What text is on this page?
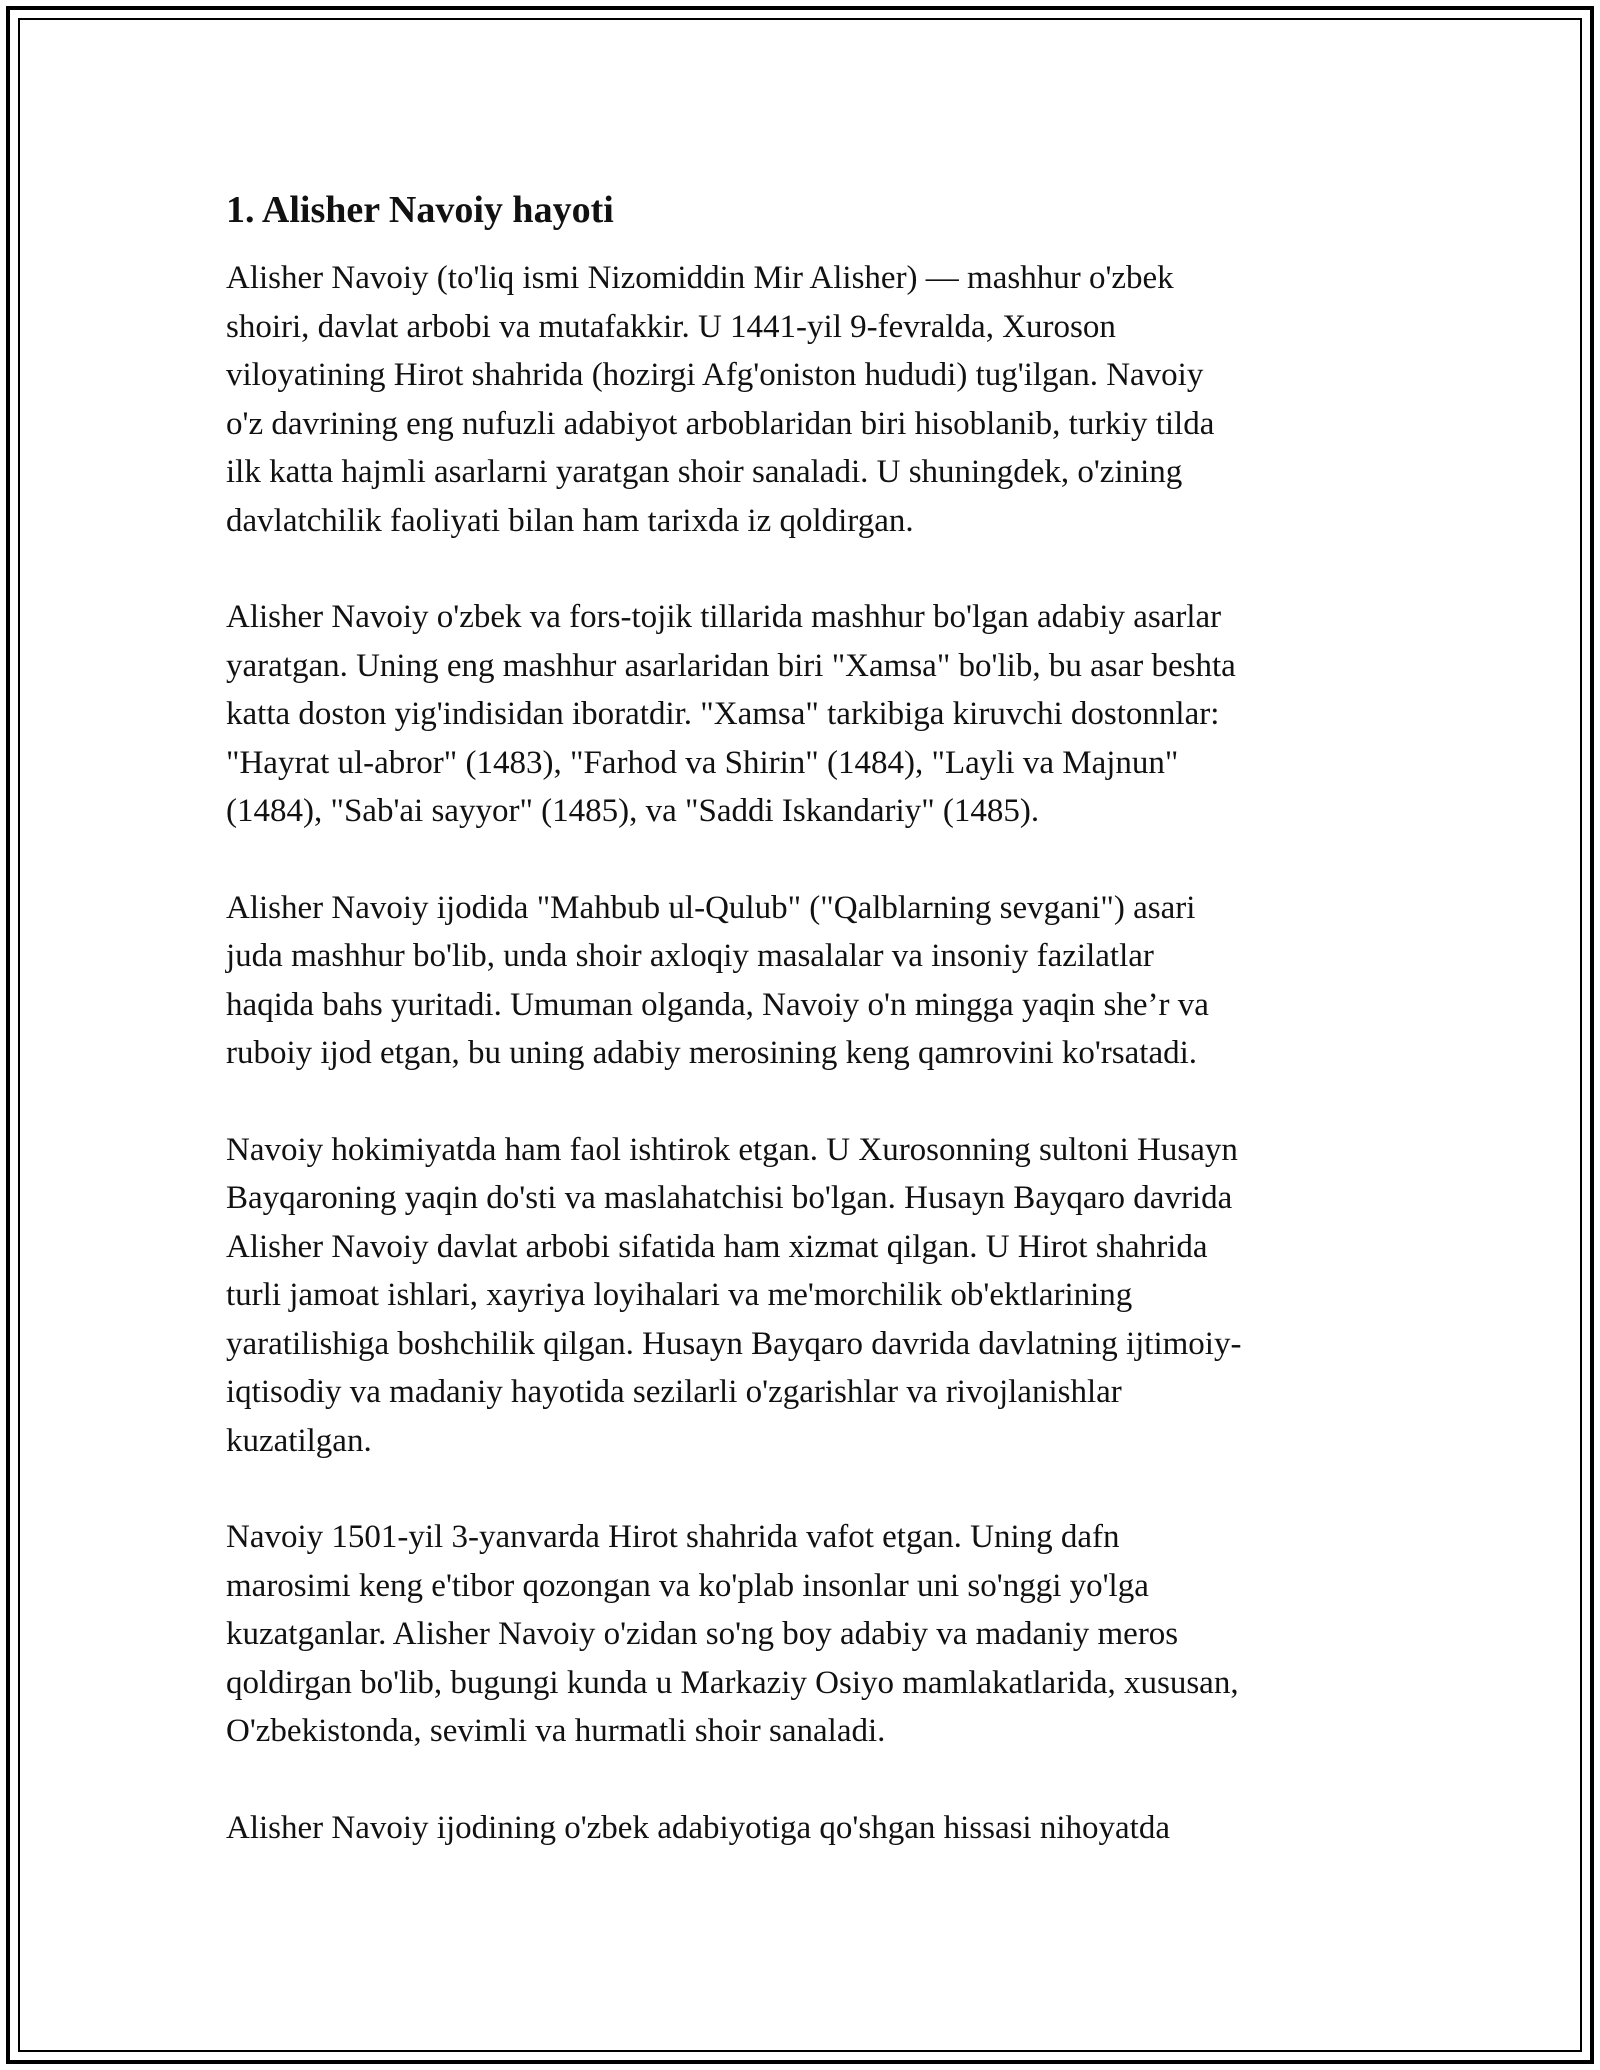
1. Alisher Navoiy hayoti

Alisher Navoiy (to'liq ismi Nizomiddin Mir Alisher) — mashhur o'zbek
shoiri, davlat arbobi va mutafakkir. U 1441-yil 9-fevralda, Xuroson
viloyatining Hirot shahrida (hozirgi Afg'oniston hududi) tug'ilgan. Navoiy
o'z davrining eng nufuzli adabiyot arboblaridan biri hisoblanib, turkiy tilda
ilk katta hajmli asarlarni yaratgan shoir sanaladi. U shuningdek, o'zining
davlatchilik faoliyati bilan ham tarixda iz qoldirgan.

Alisher Navoiy o'zbek va fors-tojik tillarida mashhur bo'lgan adabiy asarlar
yaratgan. Uning eng mashhur asarlaridan biri "Xamsa" bo'lib, bu asar beshta
katta doston yig'indisidan iboratdir. "Xamsa" tarkibiga kiruvchi dostonnlar:
"Hayrat ul-abror" (1483), "Farhod va Shirin" (1484), "Layli va Majnun"
(1484), "Sab'ai sayyor" (1485), va "Saddi Iskandariy" (1485).

Alisher Navoiy ijodida "Mahbub ul-Qulub" ("Qalblarning sevgani") asari
juda mashhur bo'lib, unda shoir axloqiy masalalar va insoniy fazilatlar
haqida bahs yuritadi. Umuman olganda, Navoiy o'n mingga yaqin she’r va
ruboiy ijod etgan, bu uning adabiy merosining keng qamrovini ko'rsatadi.

Navoiy hokimiyatda ham faol ishtirok etgan. U Xurosonning sultoni Husayn
Bayqaroning yaqin do'sti va maslahatchisi bo'lgan. Husayn Bayqaro davrida
Alisher Navoiy davlat arbobi sifatida ham xizmat qilgan. U Hirot shahrida
turli jamoat ishlari, xayriya loyihalari va me'morchilik ob'ektlarining
yaratilishiga boshchilik qilgan. Husayn Bayqaro davrida davlatning ijtimoiy-
iqtisodiy va madaniy hayotida sezilarli o'zgarishlar va rivojlanishlar
kuzatilgan.

Navoiy 1501-yil 3-yanvarda Hirot shahrida vafot etgan. Uning dafn
marosimi keng e'tibor qozongan va ko'plab insonlar uni so'nggi yo'lga
kuzatganlar. Alisher Navoiy o'zidan so'ng boy adabiy va madaniy meros
qoldirgan bo'lib, bugungi kunda u Markaziy Osiyo mamlakatlarida, xususan,
O'zbekistonda, sevimli va hurmatli shoir sanaladi.

Alisher Navoiy ijodining o'zbek adabiyotiga qo'shgan hissasi nihoyatda
